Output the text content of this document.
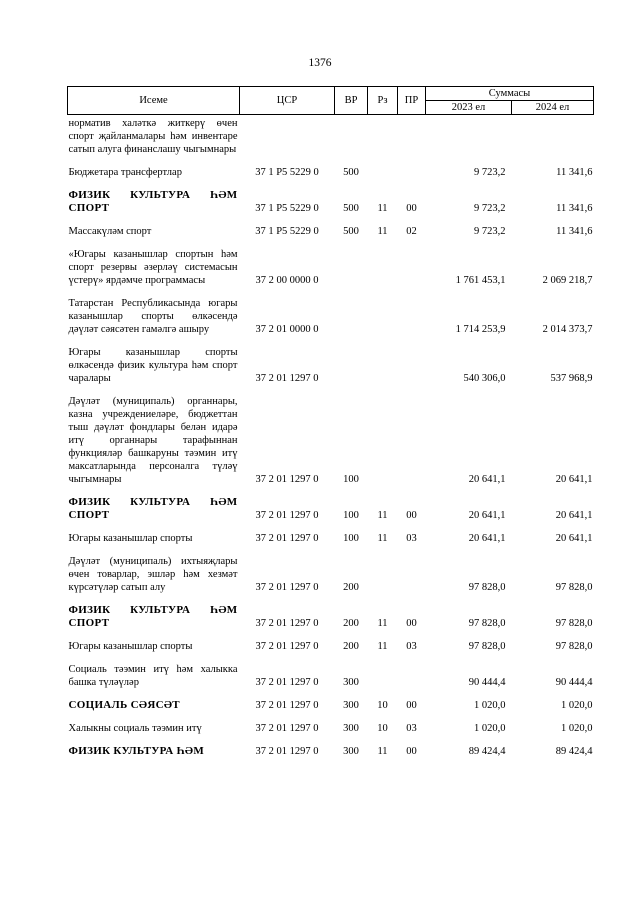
1376
Исеме	ЦСР	ВР	Рз	ПР	Суммасы	
					2023 ел	2024 ел
норматив халәткә житкерү өчен спорт җайланмалары һәм инвентаре сатып алуга финанслашу чыгымнары						
Бюджетара трансфертлар	37 1 Р5 5229 0	500			9 723,2	11 341,6
ФИЗИК КУЛЬТУРА ҺӘМ СПОРТ	37 1 Р5 5229 0	500	11	00	9 723,2	11 341,6
Массакүләм спорт	37 1 Р5 5229 0	500	11	02	9 723,2	11 341,6
«Югары казанышлар спортын һәм спорт резервы әзерләү системасын үстерү» ярдәмче программасы	37 2 00 0000 0				1 761 453,1	2 069 218,7
Татарстан Республикасында югары казанышлар спорты өлкәсендә дәүләт сәясәтен гамәлгә ашыру	37 2 01 0000 0				1 714 253,9	2 014 373,7
Югары казанышлар спорты өлкәсендә физик культура һәм спорт чаралары	37 2 01 1297 0				540 306,0	537 968,9
Дәүләт (муниципаль) органнары, казна учреждениеләре, бюджеттан тыш дәүләт фондлары белән идарә итү органнары тарафыннан функцияләр башкаруны тәэмин итү максатларында персоналга түләү чыгымнары	37 2 01 1297 0	100			20 641,1	20 641,1
ФИЗИК КУЛЬТУРА ҺӘМ СПОРТ	37 2 01 1297 0	100	11	00	20 641,1	20 641,1
Югары казанышлар спорты	37 2 01 1297 0	100	11	03	20 641,1	20 641,1
Дәүләт (муниципаль) ихтыяҗлары өчен товарлар, эшләр һәм хезмәт күрсәтүләр сатып алу	37 2 01 1297 0	200			97 828,0	97 828,0
ФИЗИК КУЛЬТУРА ҺӘМ СПОРТ	37 2 01 1297 0	200	11	00	97 828,0	97 828,0
Югары казанышлар спорты	37 2 01 1297 0	200	11	03	97 828,0	97 828,0
Социаль тәэмин итү һәм халыкка башка түләүләр	37 2 01 1297 0	300			90 444,4	90 444,4
СОЦИАЛЬ СӘЯСӘТ	37 2 01 1297 0	300	10	00	1 020,0	1 020,0
Халыкны социаль тәэмин итү	37 2 01 1297 0	300	10	03	1 020,0	1 020,0
ФИЗИК КУЛЬТУРА ҺӘМ	37 2 01 1297 0	300	11	00	89 424,4	89 424,4
